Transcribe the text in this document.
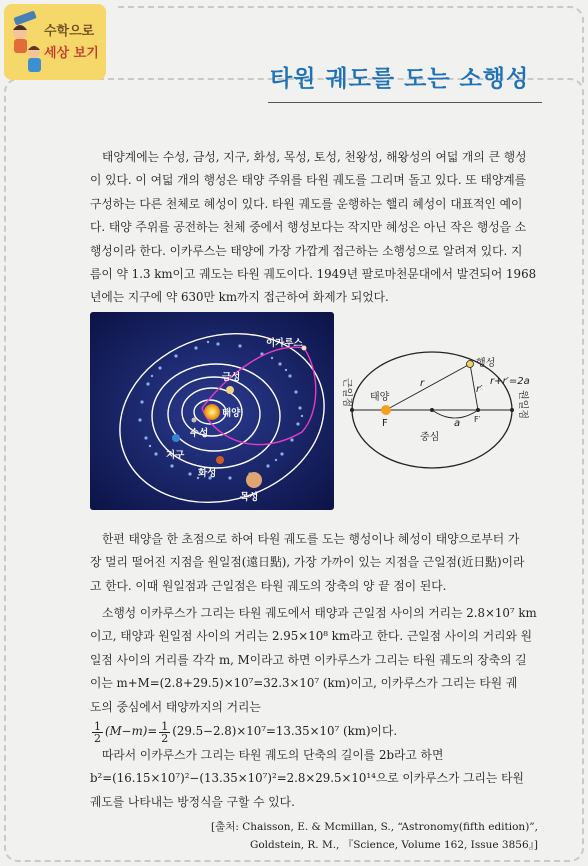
수학으로
세상 보기
타원 궤도를 도는 소행성
태양계에는 수성, 금성, 지구, 화성, 목성, 토성, 천왕성, 해왕성의 여덟 개의 큰 행성
이 있다. 이 여덟 개의 행성은 태양 주위를 타원 궤도를 그리며 돌고 있다. 또 태양계를
구성하는 다른 천체로 혜성이 있다. 타원 궤도를 운행하는 핼리 혜성이 대표적인 예이
다. 태양 주위를 공전하는 천체 중에서 행성보다는 작지만 혜성은 아닌 작은 행성을 소
행성이라 한다. 이카루스는 태양에 가장 가깝게 접근하는 소행성으로 알려져 있다. 지
름이 약 1.3 km이고 궤도는 타원 궤도이다. 1949년 팔로마천문대에서 발견되어 1968
년에는 지구에 약 630만 km까지 접근하여 화제가 되었다.
이카루스
금성
태양
수성
지구
화성
목성
행성
태양
F
중심
r+r′=2a
r
r′
a F′
근일점	원일점
한편 태양을 한 초점으로 하여 타원 궤도를 도는 행성이나 혜성이 태양으로부터 가
장 멀리 떨어진 지점을 원일점(遠日點), 가장 가까이 있는 지점을 근일점(近日點)이라
고 한다. 이때 원일점과 근일점은 타원 궤도의 장축의 양 끝 점이 된다.
소행성 이카루스가 그리는 타원 궤도에서 태양과 근일점 사이의 거리는 2.8×10⁷ km
이고, 태양과 원일점 사이의 거리는 2.95×10⁸ km라고 한다. 근일점 사이의 거리와 원
일점 사이의 거리를 각각 m, M이라고 하면 이카루스가 그리는 타원 궤도의 장축의 길
이는 m+M=(2.8+29.5)×10⁷=32.3×10⁷ (km)이고, 이카루스가 그리는 타원 궤
도의 중심에서 태양까지의 거리는
$\frac{1}{2} (M-m)= \frac{1}{2} (29.5-2.8)\times 10^7=13.35\times 10^7$ (km)이다.
따라서 이카루스가 그리는 타원 궤도의 단축의 길이를 2b라고 하면
b²=(16.15×10⁷)²−(13.35×10⁷)²=2.8×29.5×10¹⁴으로 이카루스가 그리는 타원
궤도를 나타내는 방정식을 구할 수 있다.
[출처: Chaisson, E. & Mcmillan, S., “Astronomy(fifth edition)”,
Goldstein, R. M., 『Science, Volume 162, Issue 3856』]
